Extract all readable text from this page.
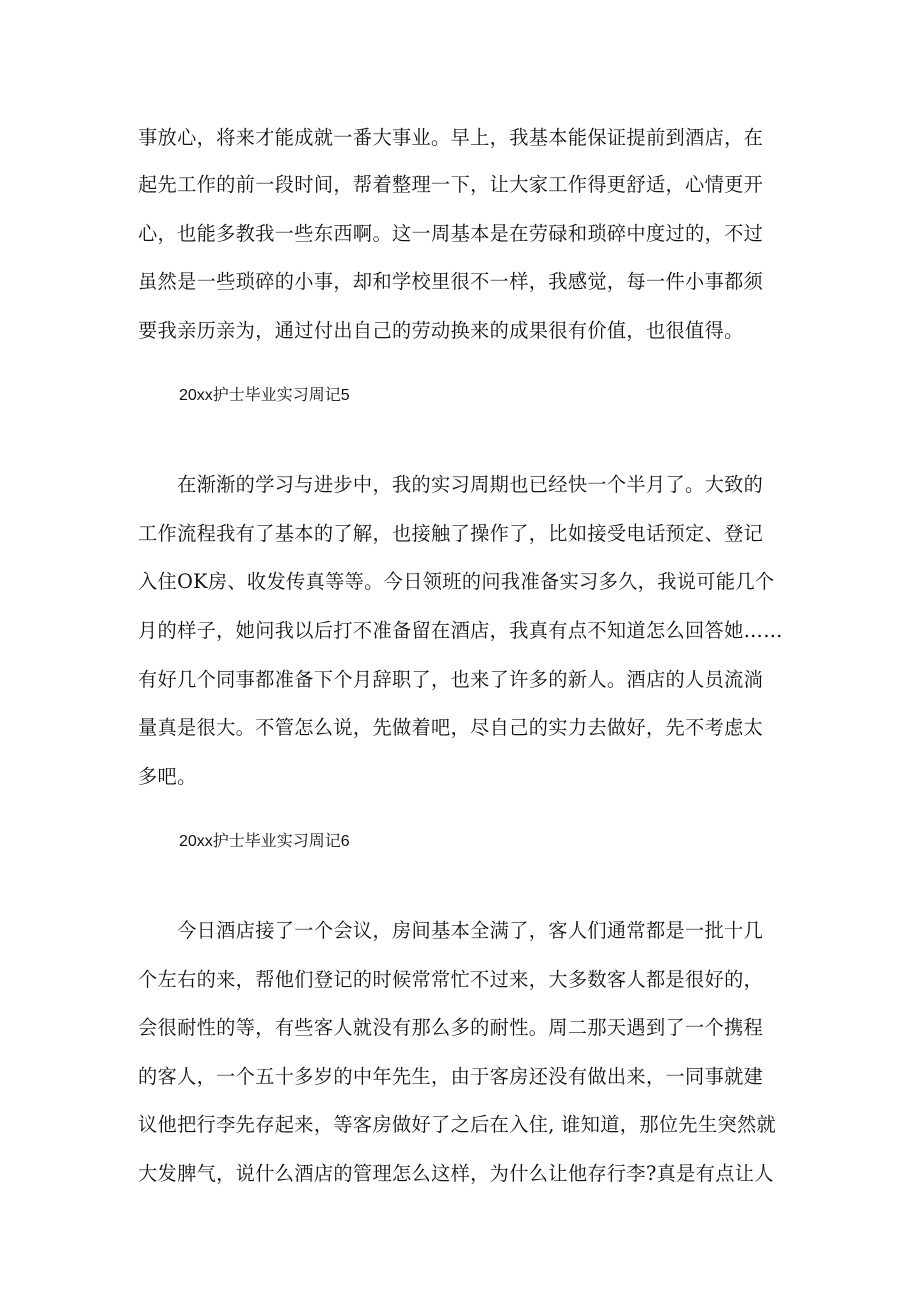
事放心，将来才能成就一番大事业。早上，我基本能保证提前到酒店，在
起先工作的前一段时间，帮着整理一下，让大家工作得更舒适，心情更开
心，也能多教我一些东西啊。这一周基本是在劳碌和琐碎中度过的，不过
虽然是一些琐碎的小事，却和学校里很不一样，我感觉，每一件小事都须
要我亲历亲为，通过付出自己的劳动换来的成果很有价值，也很值得。
20xx护士毕业实习周记5
　　在渐渐的学习与进步中，我的实习周期也已经快一个半月了。大致的
工作流程我有了基本的了解，也接触了操作了，比如接受电话预定、登记
入住OK房、收发传真等等。今日领班的问我准备实习多久，我说可能几个
月的样子，她问我以后打不准备留在酒店，我真有点不知道怎么回答她……
有好几个同事都准备下个月辞职了，也来了许多的新人。酒店的人员流淌
量真是很大。不管怎么说，先做着吧，尽自己的实力去做好，先不考虑太
多吧。
20xx护士毕业实习周记6
　　今日酒店接了一个会议，房间基本全满了，客人们通常都是一批十几
个左右的来，帮他们登记的时候常常忙不过来，大多数客人都是很好的，
会很耐性的等，有些客人就没有那么多的耐性。周二那天遇到了一个携程
的客人，一个五十多岁的中年先生，由于客房还没有做出来，一同事就建
议他把行李先存起来，等客房做好了之后在入住, 谁知道，那位先生突然就
大发脾气，说什么酒店的管理怎么这样，为什么让他存行李?真是有点让人
